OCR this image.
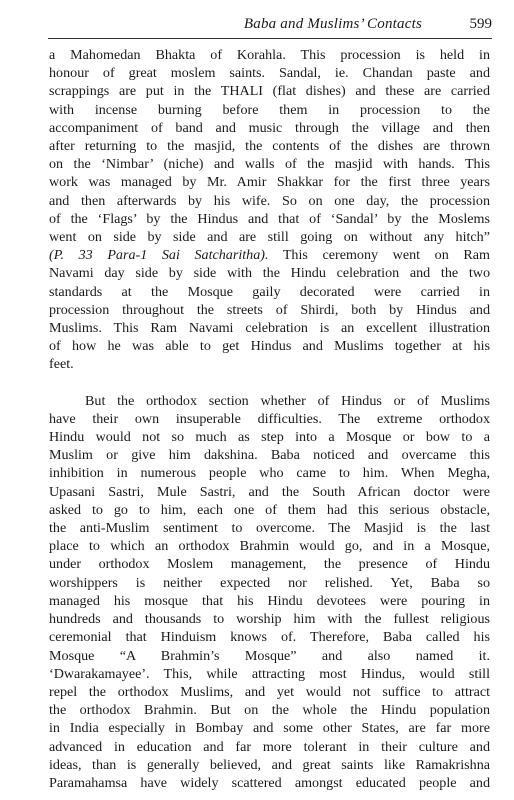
Baba and Muslims’ Contacts	599

a Mahomedan Bhakta of Korahla. This procession is held in
honour of great moslem saints. Sandal, ie. Chandan paste and
scrappings are put in the THALI (flat dishes) and these are carried
with incense burning before them in procession to the
accompaniment of band and music through the village and then
after returning to the masjid, the contents of the dishes are thrown
on the ‘Nimbar’ (niche) and walls of the masjid with hands. This
work was managed by Mr. Amir Shakkar for the first three years
and then afterwards by his wife. So on one day, the procession
of the ‘Flags’ by the Hindus and that of ‘Sandal’ by the Moslems
went on side by side and are still going on without any hitch”
(P. 33 Para-1 Sai Satcharitha). This ceremony went on Ram
Navami day side by side with the Hindu celebration and the two
standards at the Mosque gaily decorated were carried in
procession throughout the streets of Shirdi, both by Hindus and
Muslims. This Ram Navami celebration is an excellent illustration
of how he was able to get Hindus and Muslims together at his
feet.

But the orthodox section whether of Hindus or of Muslims
have their own insuperable difficulties. The extreme orthodox
Hindu would not so much as step into a Mosque or bow to a
Muslim or give him dakshina. Baba noticed and overcame this
inhibition in numerous people who came to him. When Megha,
Upasani Sastri, Mule Sastri, and the South African doctor were
asked to go to him, each one of them had this serious obstacle,
the anti-Muslim sentiment to overcome. The Masjid is the last
place to which an orthodox Brahmin would go, and in a Mosque,
under orthodox Moslem management, the presence of Hindu
worshippers is neither expected nor relished. Yet, Baba so
managed his mosque that his Hindu devotees were pouring in
hundreds and thousands to worship him with the fullest religious
ceremonial that Hinduism knows of. Therefore, Baba called his
Mosque “A Brahmin’s Mosque” and also named it.
‘Dwarakamayee’. This, while attracting most Hindus, would still
repel the orthodox Muslims, and yet would not suffice to attract
the orthodox Brahmin. But on the whole the Hindu population
in India especially in Bombay and some other States, are far more
advanced in education and far more tolerant in their culture and
ideas, than is generally believed, and great saints like Ramakrishna
Paramahamsa have widely scattered amongst educated people and
